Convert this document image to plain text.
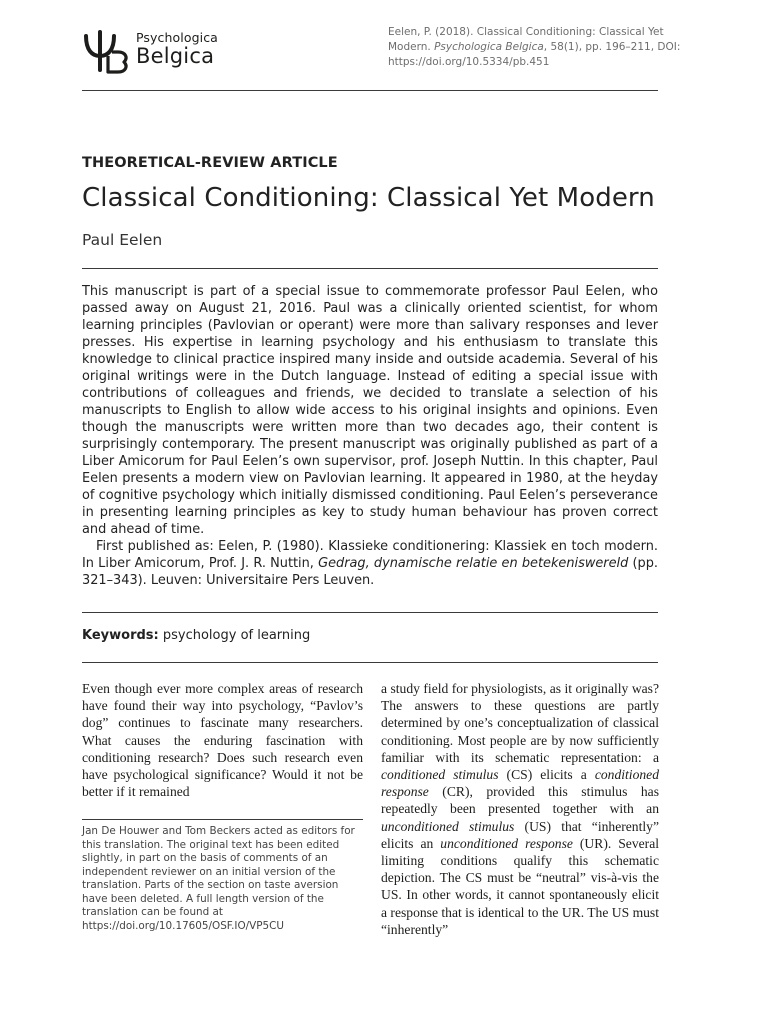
Psychologica
Belgica
Eelen, P. (2018). Classical Conditioning: Classical Yet Modern. Psychologica Belgica, 58(1), pp. 196–211, DOI: https://doi.org/10.5334/pb.451
THEORETICAL-REVIEW ARTICLE
Classical Conditioning: Classical Yet Modern
Paul Eelen

This manuscript is part of a special issue to commemorate professor Paul Eelen, who passed away on August 21, 2016. Paul was a clinically oriented scientist, for whom learning principles (Pavlovian or operant) were more than salivary responses and lever presses. His expertise in learning psychology and his enthusiasm to translate this knowledge to clinical practice inspired many inside and outside academia. Several of his original writings were in the Dutch language. Instead of editing a special issue with contributions of colleagues and friends, we decided to translate a selection of his manuscripts to English to allow wide access to his original insights and opinions. Even though the manuscripts were written more than two decades ago, their content is surprisingly contemporary. The present manuscript was originally published as part of a Liber Amicorum for Paul Eelen’s own supervisor, prof. Joseph Nuttin. In this chapter, Paul Eelen presents a modern view on Pavlovian learning. It appeared in 1980, at the heyday of cognitive psychology which initially dismissed conditioning. Paul Eelen’s perseverance in presenting learning principles as key to study human behaviour has proven correct and ahead of time.

First published as: Eelen, P. (1980). Klassieke conditionering: Klassiek en toch modern. In Liber Amicorum, Prof. J. R. Nuttin, Gedrag, dynamische relatie en betekeniswereld (pp. 321–343). Leuven: Universitaire Pers Leuven.

Keywords: psychology of learning

Even though ever more complex areas of research have found their way into psychology, “Pavlov’s dog” continues to fascinate many researchers. What causes the enduring fascination with conditioning research? Does such research even have psychological significance? Would it not be better if it remained

a study field for physiologists, as it originally was? The answers to these questions are partly determined by one’s conceptualization of classical conditioning. Most people are by now sufficiently familiar with its schematic representation: a conditioned stimulus (CS) elicits a conditioned response (CR), provided this stimulus has repeatedly been presented together with an unconditioned stimulus (US) that “inherently” elicits an unconditioned response (UR). Several limiting conditions qualify this schematic depiction. The CS must be “neutral” vis-à-vis the US. In other words, it cannot spontaneously elicit a response that is identical to the UR. The US must “inherently”

Jan De Houwer and Tom Beckers acted as editors for this translation. The original text has been edited slightly, in part on the basis of comments of an independent reviewer on an initial version of the translation. Parts of the section on taste aversion have been deleted. A full length version of the translation can be found at https://doi.org/10.17605/OSF.IO/VP5CU
